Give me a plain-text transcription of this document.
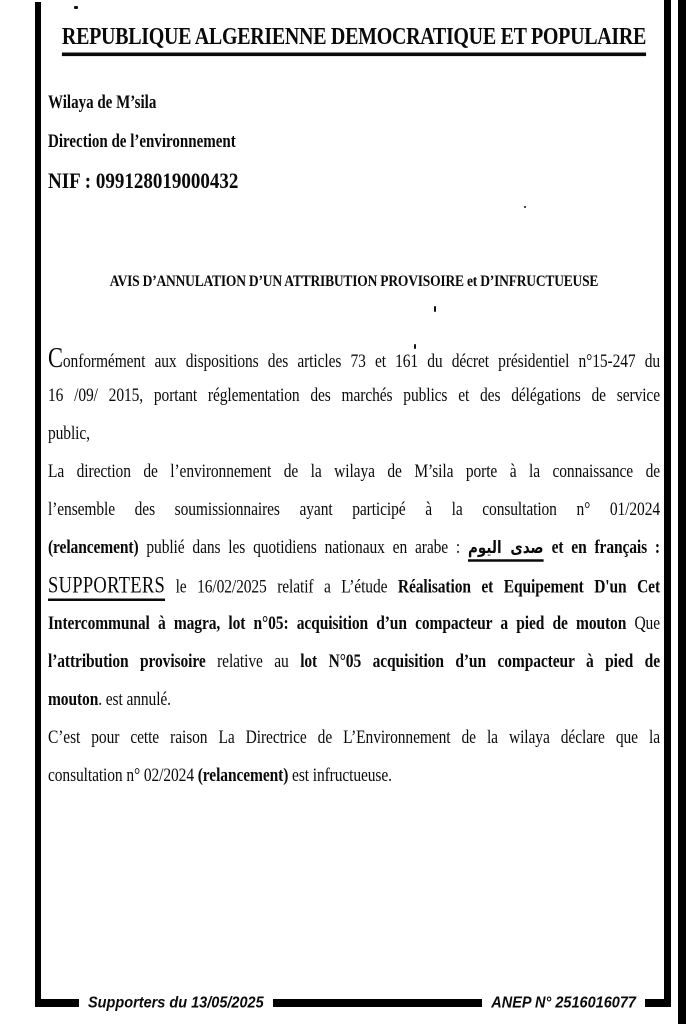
REPUBLIQUE ALGERIENNE DEMOCRATIQUE ET POPULAIRE
Wilaya de M’sila
Direction de l’environnement
NIF : 099128019000432
AVIS D’ANNULATION D’UN ATTRIBUTION PROVISOIRE et D’INFRUCTUEUSE
Conformément aux dispositions des articles 73 et 161 du décret présidentiel n°15-247 du
16 /09/ 2015, portant réglementation des marchés publics et des délégations de service
public,
La direction de l’environnement de la wilaya de M’sila porte à la connaissance de
l’ensemble des soumissionnaires ayant participé à la consultation n° 01/2024
(relancement) publié dans les quotidiens nationaux en arabe : صدى اليوم et en français :
SUPPORTERS le 16/02/2025 relatif a L’étude Réalisation et Equipement D'un Cet
Intercommunal à magra, lot n°05: acquisition d’un compacteur a pied de mouton Que
l’attribution provisoire relative au lot N°05 acquisition d’un compacteur à pied de
mouton. est annulé.
C’est pour cette raison La Directrice de L’Environnement de la wilaya déclare que la
consultation n° 02/2024 (relancement) est infructueuse.
Supporters du 13/05/2025	ANEP N° 2516016077
